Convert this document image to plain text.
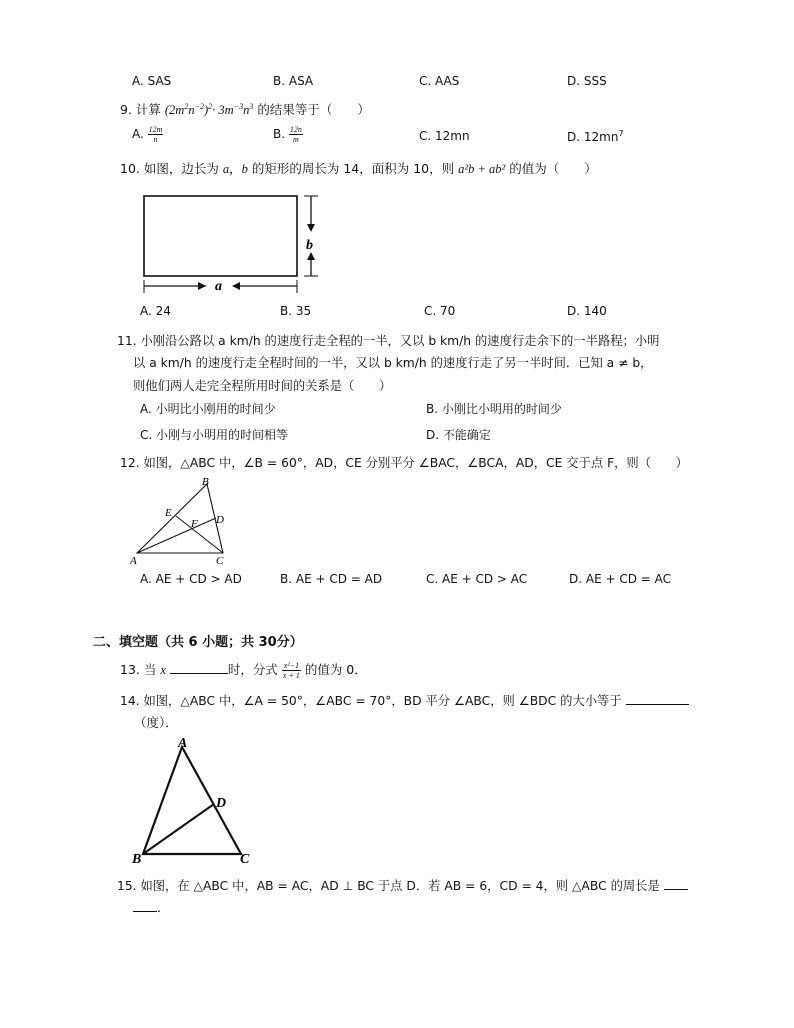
A. SAS	B. ASA	C. AAS	D. SSS
9. 计算 $(2m^2n^{-2})^2\cdot 3m^{-3}n^3$ 的结果等于（　　）
A. $\frac{12m}{n}$	B. $\frac{12n}{m}$	C. 12mn	D. $12mn^7$
10. 如图，边长为 a，b 的矩形的周长为 14，面积为 10，则 a²b + ab² 的值为（　　）
b
a
A. 24	B. 35	C. 70	D. 140
11. 小刚沿公路以 a km/h 的速度行走全程的一半，又以 b km/h 的速度行走余下的一半路程；小明
以 a km/h 的速度行走全程时间的一半，又以 b km/h 的速度行走了另一半时间．已知 a ≠ b，
则他们两人走完全程所用时间的关系是（　　）
A. 小明比小刚用的时间少	B. 小刚比小明用的时间少
C. 小刚与小明用的时间相等	D. 不能确定
12. 如图，△ABC 中，∠B = 60°，AD，CE 分别平分 ∠BAC，∠BCA，AD，CE 交于点 F，则（　　）
B
E
F D
A	C
A. AE + CD > AD	B. AE + CD = AD	C. AE + CD > AC	D. AE + CD = AC
二、填空题（共 6 小题；共 30分）
13. 当 x	时，分式 $\frac{\text{x²−1}}{x + 1}$ 的值为 0．
14. 如图，△ABC 中，∠A = 50°，∠ABC = 70°，BD 平分 ∠ABC，则 ∠BDC 的大小等于
（度）．
A
D
B	C
15. 如图，在 △ABC 中，AB = AC，AD ⊥ BC 于点 D．若 AB = 6，CD = 4，则 △ABC 的周长是
．
